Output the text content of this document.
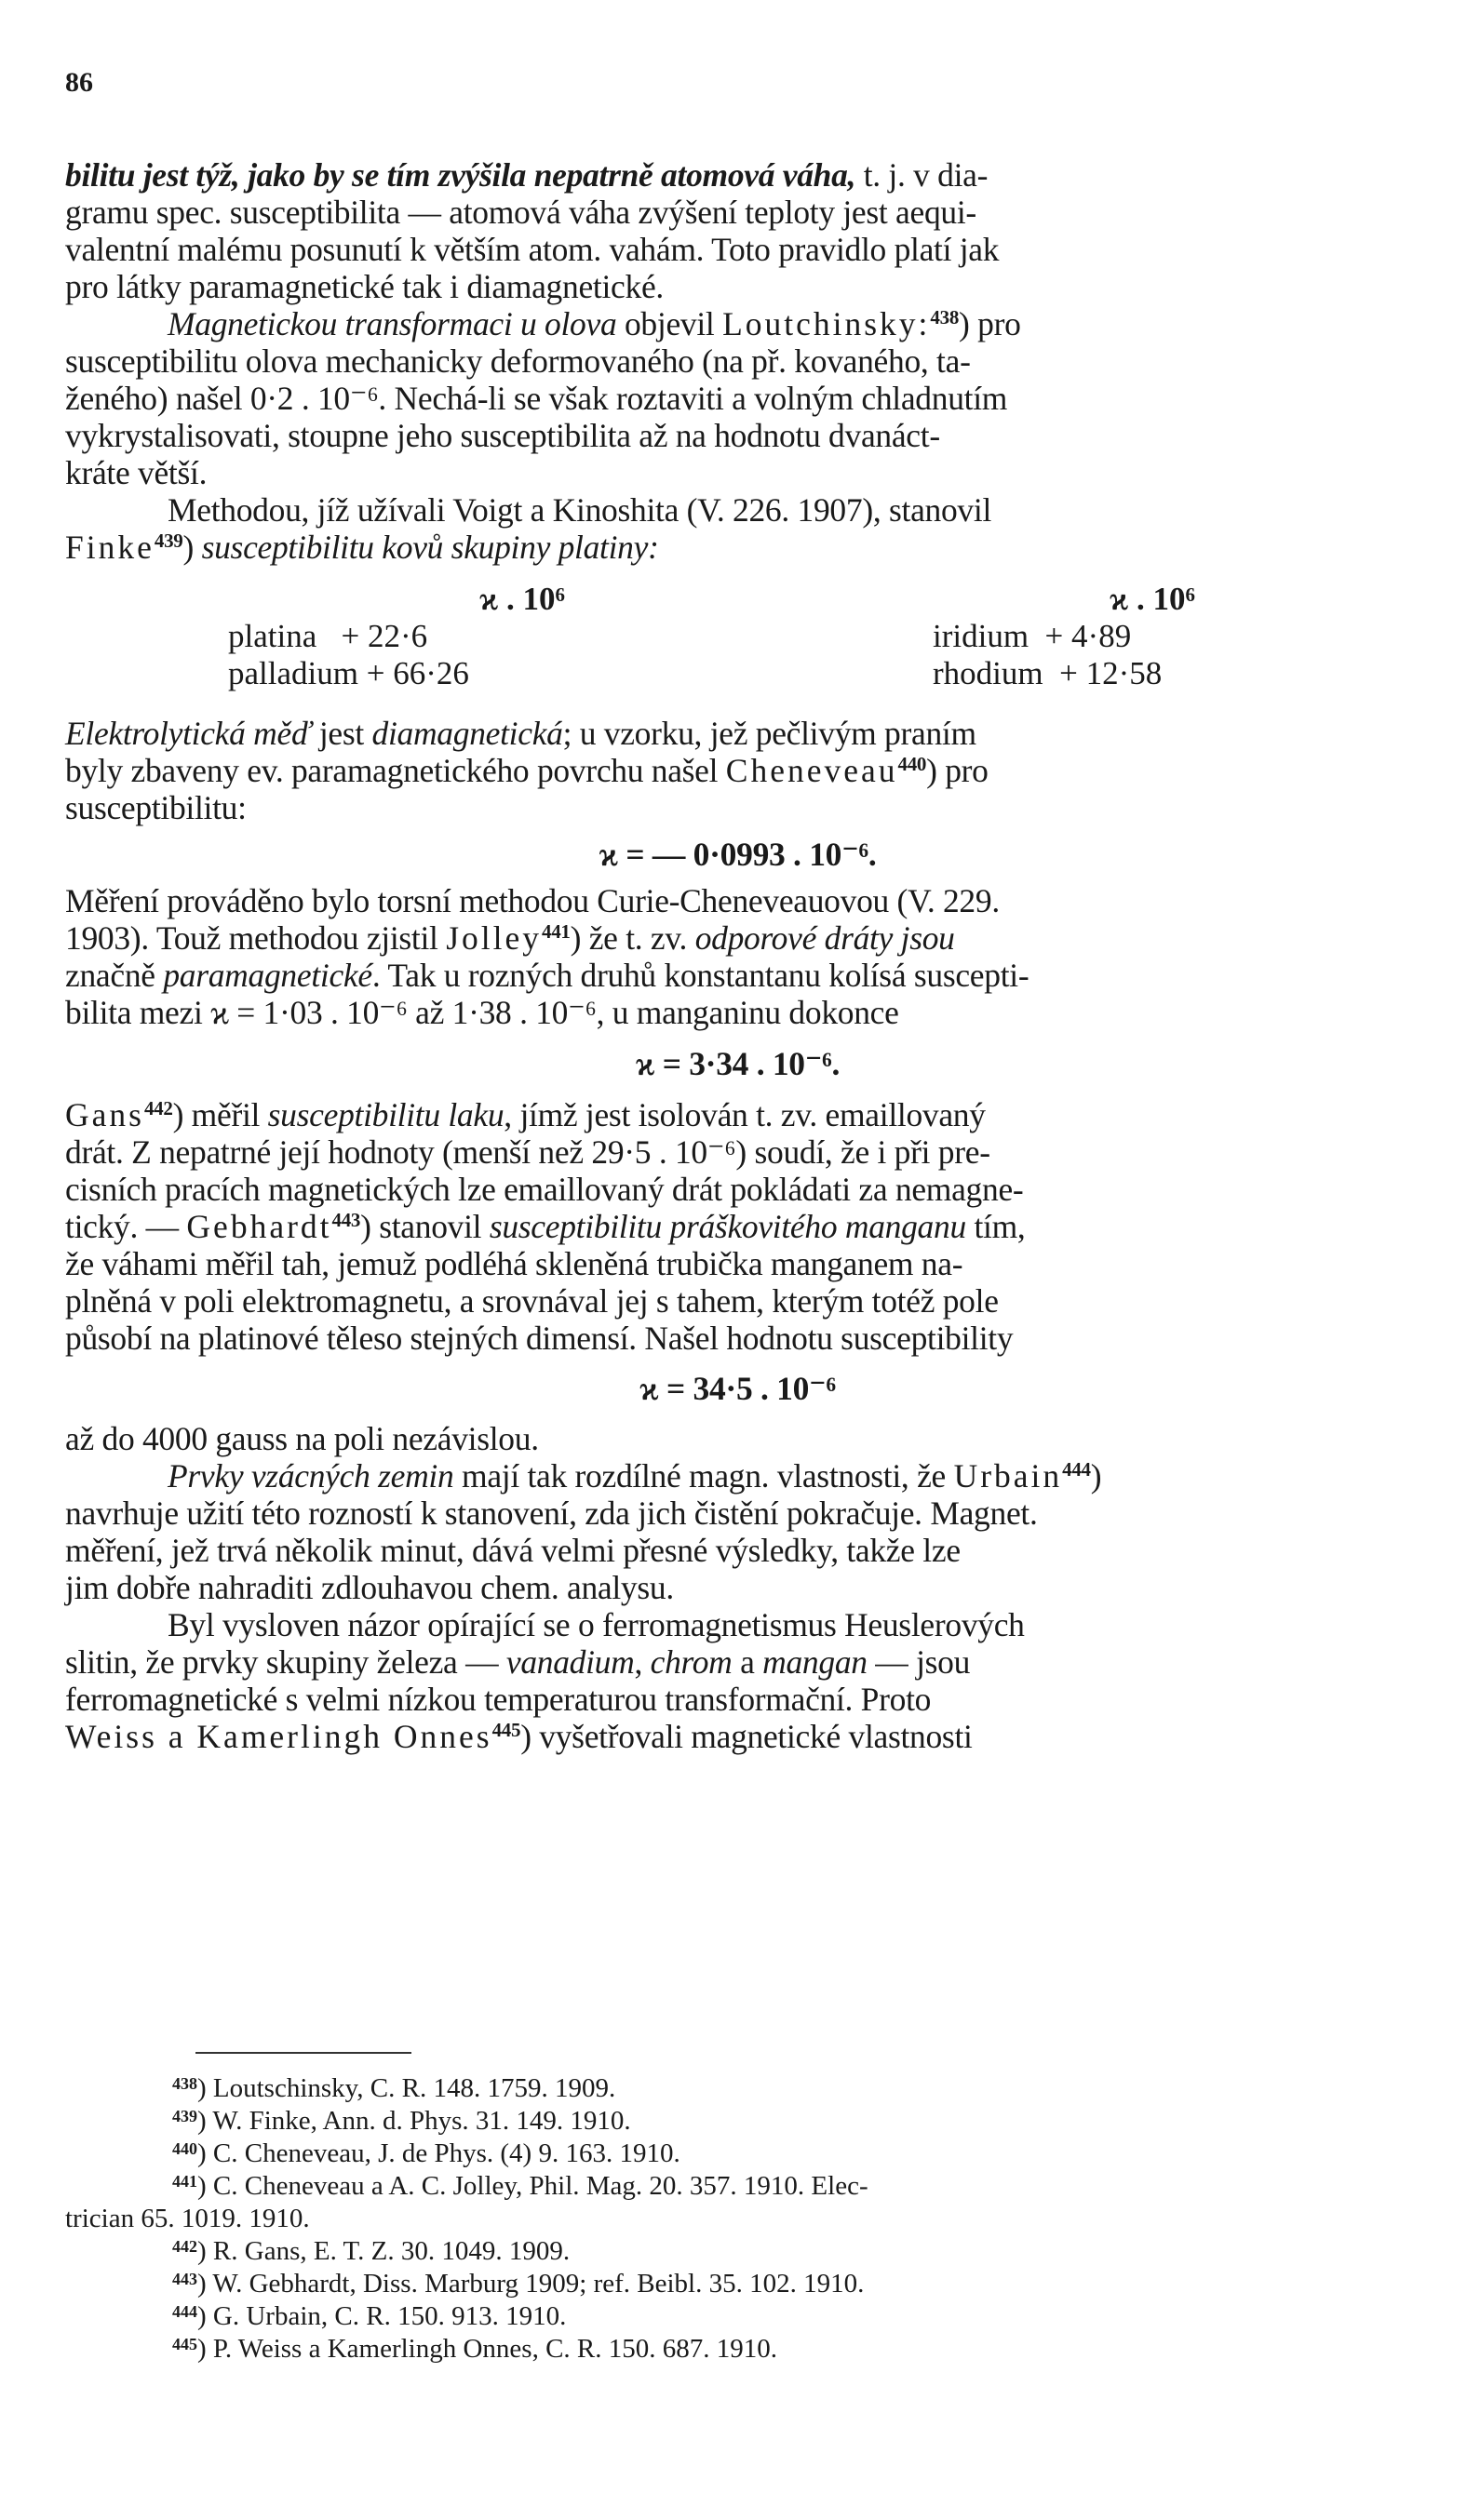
86
bilitu jest týž, jako by se tím zvýšila nepatrně atomová váha, t. j. v dia-
gramu spec. susceptibilita — atomová váha zvýšení teploty jest aequi-
valentní malému posunutí k větším atom. vahám. Toto pravidlo platí jak
pro látky paramagnetické tak i diamagnetické.
Magnetickou transformaci u olova objevil Loutchinsky:$^{438}$) pro
susceptibilitu olova mechanicky deformovaného (na př. kovaného, ta-
ženého) našel 0·2 . 10⁻⁶. Nechá-li se však roztaviti a volným chladnutím
vykrystalisovati, stoupne jeho susceptibilita až na hodnotu dvanáct-
kráte větší.
Methodou, jíž užívali Voigt a Kinoshita (V. 226. 1907), stanovil
Finke$^{439}$) susceptibilitu kovů skupiny platiny:
ϰ . 10⁶
platina   + 22·6
palladium + 66·26
ϰ . 10⁶
iridium  + 4·89
rhodium  + 12·58
Elektrolytická měď jest diamagnetická; u vzorku, jež pečlivým praním
byly zbaveny ev. paramagnetického povrchu našel Cheneveau$^{440}$) pro
susceptibilitu:
ϰ = — 0·0993 . 10⁻⁶.
Měření prováděno bylo torsní methodou Curie-Cheneveauovou (V. 229.
1903). Touž methodou zjistil Jolley$^{441}$) že t. zv. odporové dráty jsou
značně paramagnetické. Tak u rozných druhů konstantanu kolísá suscepti-
bilita mezi ϰ = 1·03 . 10⁻⁶ až 1·38 . 10⁻⁶, u manganinu dokonce
ϰ = 3·34 . 10⁻⁶.
Gans$^{442}$) měřil susceptibilitu laku, jímž jest isolován t. zv. emaillovaný
drát. Z nepatrné její hodnoty (menší než 29·5 . 10⁻⁶) soudí, že i při pre-
cisních pracích magnetických lze emaillovaný drát pokládati za nemagne-
tický. — Gebhardt$^{443}$) stanovil susceptibilitu práškovitého manganu tím,
že váhami měřil tah, jemuž podléhá skleněná trubička manganem na-
plněná v poli elektromagnetu, a srovnával jej s tahem, kterým totéž pole
působí na platinové těleso stejných dimensí. Našel hodnotu susceptibility
ϰ = 34·5 . 10⁻⁶
až do 4000 gauss na poli nezávislou.
Prvky vzácných zemin mají tak rozdílné magn. vlastnosti, že Urbain$^{444}$)
navrhuje užití této rozností k stanovení, zda jich čistění pokračuje. Magnet.
měření, jež trvá několik minut, dává velmi přesné výsledky, takže lze
jim dobře nahraditi zdlouhavou chem. analysu.
Byl vysloven názor opírající se o ferromagnetismus Heuslerových
slitin, že prvky skupiny železa — vanadium, chrom a mangan — jsou
ferromagnetické s velmi nízkou temperaturou transformační. Proto
Weiss a Kamerlingh Onnes$^{445}$) vyšetřovali magnetické vlastnosti
$^{438}$) Loutschinsky, C. R. 148. 1759. 1909.
$^{439}$) W. Finke, Ann. d. Phys. 31. 149. 1910.
$^{440}$) C. Cheneveau, J. de Phys. (4) 9. 163. 1910.
$^{441}$) C. Cheneveau a A. C. Jolley, Phil. Mag. 20. 357. 1910. Elec-
trician 65. 1019. 1910.
$^{442}$) R. Gans, E. T. Z. 30. 1049. 1909.
$^{443}$) W. Gebhardt, Diss. Marburg 1909; ref. Beibl. 35. 102. 1910.
$^{444}$) G. Urbain, C. R. 150. 913. 1910.
$^{445}$) P. Weiss a Kamerlingh Onnes, C. R. 150. 687. 1910.
